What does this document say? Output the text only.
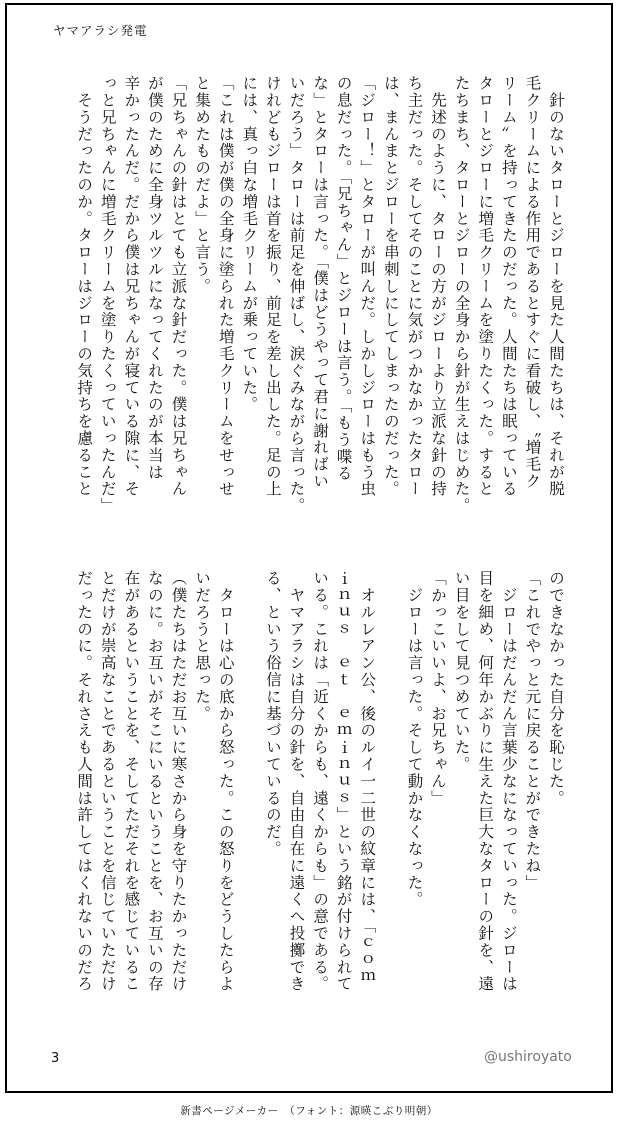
ヤマアラシ発電
　針のないタローとジローを見た人間たちは、それが脱
毛クリームによる作用であるとすぐに看破し、〝増毛ク
リーム〟を持ってきたのだった。人間たちは眠っている
タローとジローに増毛クリームを塗りたくった。すると
たちまち、タローとジローの全身から針が生えはじめた。
　先述のように、タローの方がジローより立派な針の持
ち主だった。そしてそのことに気がつかなかったタロー
は、まんまとジローを串刺しにしてしまったのだった。
「ジロー！」とタローが叫んだ。しかしジローはもう虫
の息だった。「兄ちゃん」とジローは言う。「もう喋る
な」とタローは言った。「僕はどうやって君に謝ればい
いだろう」タローは前足を伸ばし、涙ぐみながら言った。
けれどもジローは首を振り、前足を差し出した。足の上
には、真っ白な増毛クリームが乗っていた。
「これは僕が僕の全身に塗られた増毛クリームをせっせ
と集めたものだよ」と言う。
「兄ちゃんの針はとても立派な針だった。僕は兄ちゃん
が僕のために全身ツルツルになってくれたのが本当は
辛かったんだ。だから僕は兄ちゃんが寝ている隙に、そ
っと兄ちゃんに増毛クリームを塗りたくっていったんだ」
　そうだったのか。タローはジローの気持ちを慮ること
のできなかった自分を恥じた。
「これでやっと元に戻ることができたね」
　ジローはだんだん言葉少なになっていった。ジローは
目を細め、何年かぶりに生えた巨大なタローの針を、遠
い目をして見つめていた。
「かっこいいよ、お兄ちゃん」
　ジローは言った。そして動かなくなった。

　オルレアン公、後のルイ一二世の紋章には、「ｃｏｍ
ｉｎｕｓ　ｅｔ　ｅｍｉｎｕｓ」という銘が付けられて
いる。これは「近くからも、遠くからも」の意である。
　ヤマアラシは自分の針を、自由自在に遠くへ投擲でき
る、という俗信に基づいているのだ。

　タローは心の底から怒った。この怒りをどうしたらよ
いだろうと思った。
（僕たちはただお互いに寒さから身を守りたかっただけ
なのに。お互いがそこにいるということを、お互いの存
在があるということを、そしてただそれを感じているこ
とだけが崇高なことであるということを信じていただけ
だったのに。それさえも人間は許してはくれないのだろ
3	@ushiroyato
新書ページメーカー　（フォント：源暎こぶり明朝）
